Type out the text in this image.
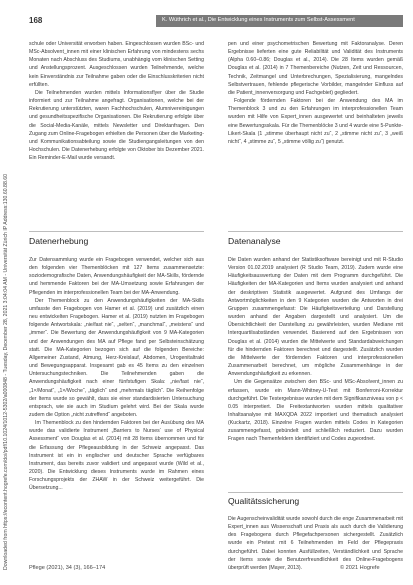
Downloaded from https://econtent.hogrefe.com/doi/pdf/10.1024/1012-5302/a000848 - Tuesday, December 28, 2021 3:04:04 AM - Universität Zürich IP Address:130.60.88.60
168	K. Wüthrich et al., Die Entwicklung eines Instruments zum Selbst-Assessment

schule oder Universität erworben haben. Eingeschlossen wurden BSc- und MSc-Absolvent_innen mit einer klinischen Erfahrung von mindestens sechs Monaten nach Abschluss des Studiums, unabhängig vom klinischen Setting und Anstellungsprozent. Ausgeschlossen wurden Teilnehmende, welche kein Einverständnis zur Teilnahme gaben oder die Einschlusskriterien nicht erfüllten.

Die Teilnehmenden wurden mittels Informationsflyer über die Studie informiert und zur Teilnahme angefragt. Organisationen, welche bei der Rekrutierung unterstützten, waren Fachhochschulen, Alumnivereinigungen und gesundheitsspezifische Organisationen. Die Rekrutierung erfolgte über die Social-Media-Kanäle, mittels Newsletter und Direktanfragen. Den Zugang zum Online-Fragebogen erhielten die Personen über die Marketing- und Kommunikationsabteilung sowie die Studiengangsleitungen von den Hochschulen. Die Datenerhebung erfolgte von Oktober bis Dezember 2021. Ein Reminder-E-Mail wurde versandt.

pen und einer psychometrischen Bewertung mit Faktoranalyse. Deren Ergebnisse lieferten eine gute Reliabilität und Validität des Instruments (Alpha 0.60–0.86; Douglas et al., 2014). Die 28 Items wurden gemäß Douglas et al. (2014) in 7 Themenbereiche (Nutzen, Zeit und Ressourcen, Technik, Zeitmangel und Unterbrechungen, Spezialisierung, mangelndes Selbstvertrauen, fehlende pflegerische Vorbilder, mangelnder Einfluss auf die Patient_innenversorgung und Fachgebiet) gegliedert.

Folgende fördernden Faktoren bei der Anwendung des MA im Themenblock 3 und zu den Erfahrungen im interprofessionellen Team wurden mit Hilfe von Expert_innen ausgewertet und beinhalteten jeweils eine Bewertungsskala. Für die Themenblöcke 3 und 4 wurde eine 5-Punkte-Likert-Skala (1 „stimme überhaupt nicht zu“, 2 „stimme nicht zu“, 3 „weiß nicht“, 4 „stimme zu“, 5 „stimme völlig zu“) genutzt.

Datenerhebung	Datenanalyse

Zur Datensammlung wurde ein Fragebogen verwendet, welcher sich aus den folgenden vier Themenblöcken mit 127 Items zusammensetzte: soziodemografische Daten, Anwendungshäufigkeit der MA-Skills, fördernde und hemmende Faktoren bei der MA-Umsetzung sowie Erfahrungen der Pflegenden im interprofessionellen Team bei der MA-Anwendung.

Der Themenblock zu den Anwendungshäufigkeiten der MA-Skills umfasste den Fragebogen von Hamer et al. (2019) und zusätzlich einen neu entwickelten Fragebogen. Hamer et al. (2019) nutzten im Fragebogen folgende Antwortskala: „nie/fast nie“, „selten“, „manchmal“, „meistens“ und „immer“. Die Bewertung der Anwendungshäufigkeit von 9 MA-Kategorien und der Anwendungen des MA auf Pflege fand per Selbsteinschätzung statt. Die MA-Kategorien bezogen sich auf die folgenden Bereiche: Allgemeiner Zustand, Atmung, Herz-Kreislauf, Abdomen, Urogenitaltrakt und Bewegungsapparat. Insgesamt gab es 45 Items zu den einzelnen Untersuchungstechniken. Die Teilnehmenden gaben die Anwendungshäufigkeit nach einer fünfstufigen Skala: „nie/fast nie“, „1×/Monat“, „1×/Woche“, „täglich“ und „mehrmals täglich“. Die Reihenfolge der Items wurde so gewählt, dass sie einer standardisierten Untersuchung entsprach, wie sie auch im Studium gelehrt wird. Bei der Skala wurde zudem die Option „nicht zutreffend“ angeboten.

Im Themenblock zu den hindernden Faktoren bei der Ausübung des MA wurde das validierte Instrument „Barriers to Nurses‘ use of Physical Assessment“ von Douglas et al. (2014) mit 28 Items übernommen und für die Erfassung der Pflegeausbildung in der Schweiz angepasst. Das Instrument ist ein in englischer und deutscher Sprache verfügbares Instrument, das bereits zuvor validiert und angepasst wurde (Wild et al., 2020). Die Entwicklung dieses Instruments wurde im Rahmen eines Forschungsprojekts der ZHAW in der Schweiz weitergeführt. Die Übersetzung...

Die Daten wurden anhand der Statistiksoftware bereinigt und mit R-Studio Version 01.02.2019 analysiert (R Studio Team, 2019). Zudem wurde eine Häufigkeitsauswertung der Daten mit dem Programm durchgeführt. Die Häufigkeiten der MA-Kategorien und Items wurden analysiert und anhand der deskriptiven Statistik ausgewertet. Aufgrund des Umfangs der Antwortmöglichkeiten in den 9 Kategorien wurden die Antworten in drei Gruppen zusammengefasst: Die Häufigkeitsverteilung und Darstellung wurden anhand der Angaben dargestellt und analysiert. Um die Übersichtlichkeit der Darstellung zu gewährleisten, wurden Mediane mit Interquartilsabständen verwendet. Basierend auf den Ergebnissen von Douglas et al. (2014) wurden die Mittelwerte und Standardabweichungen für die hindernden Faktoren berechnet und dargestellt. Zusätzlich wurden die Mittelwerte der fördernden Faktoren und interprofessionellen Zusammenarbeit berechnet, um mögliche Zusammenhänge in der Anwendungshäufigkeit zu erkennen.

Um die Gegensätze zwischen den BSc- und MSc-Absolvent_innen zu erfassen, wurde ein Mann-Whitney-U-Test mit Bonferroni-Korrektur durchgeführt. Die Testergebnisse wurden mit dem Signifikanzniveau von p < 0.05 interpretiert. Die Freitextantworten wurden mittels qualitativer Inhaltsanalyse mit MAXQDA 2022 importiert und thematisch analysiert (Kuckartz, 2018). Einzelne Fragen wurden mittels Codes in Kategorien zusammengefasst, gebündelt und schließlich reduziert. Dazu wurden Fragen nach Themenfeldern identifiziert und Codes zugeordnet.

Qualitätssicherung

Die Augenscheinvalidität wurde sowohl durch die enge Zusammenarbeit mit Expert_innen aus Wissenschaft und Praxis als auch durch die Validierung des Fragebogens durch Pflegefachpersonen sichergestellt. Zusätzlich wurde ein Pretest mit 6 Teilnehmenden im Feld der Pflegepraxis durchgeführt. Dabei konnten Ausfüllzeiten, Verständlichkeit und Sprache der Items sowie die Benutzerfreundlichkeit des Online-Fragebogens überprüft werden (Mayer, 2013).

Pflege (2021), 34 (3), 166–174	© 2021 Hogrefe
